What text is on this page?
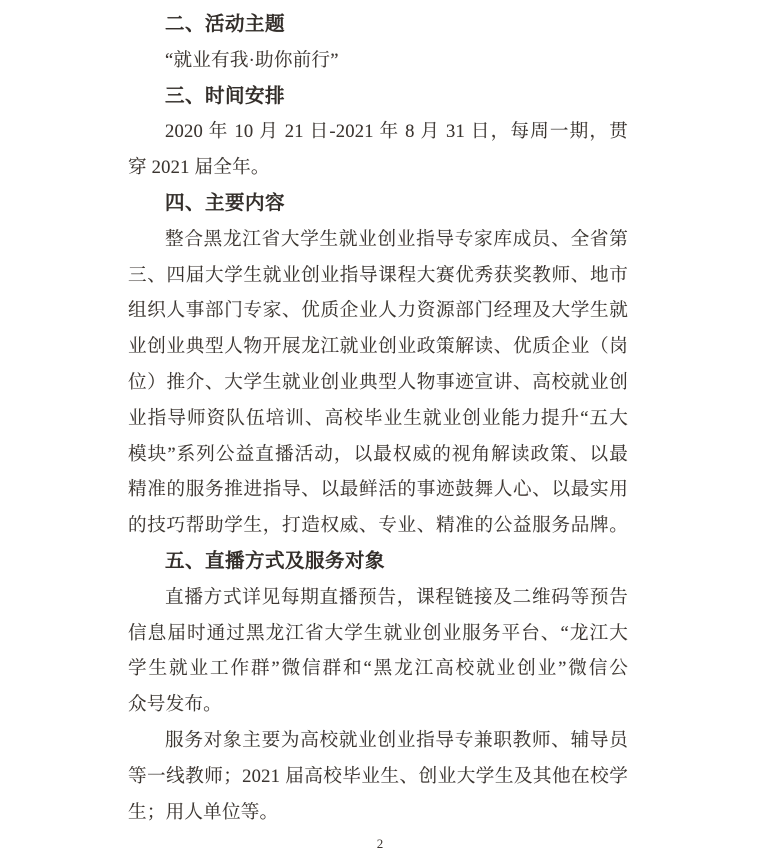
二、活动主题
“就业有我·助你前行”
三、时间安排
2020 年 10 月 21 日-2021 年 8 月 31 日，每周一期，贯
穿 2021 届全年。
四、主要内容
整合黑龙江省大学生就业创业指导专家库成员、全省第
三、四届大学生就业创业指导课程大赛优秀获奖教师、地市
组织人事部门专家、优质企业人力资源部门经理及大学生就
业创业典型人物开展龙江就业创业政策解读、优质企业（岗
位）推介、大学生就业创业典型人物事迹宣讲、高校就业创
业指导师资队伍培训、高校毕业生就业创业能力提升“五大
模块”系列公益直播活动，以最权威的视角解读政策、以最
精准的服务推进指导、以最鲜活的事迹鼓舞人心、以最实用
的技巧帮助学生，打造权威、专业、精准的公益服务品牌。
五、直播方式及服务对象
直播方式详见每期直播预告，课程链接及二维码等预告
信息届时通过黑龙江省大学生就业创业服务平台、“龙江大
学生就业工作群”微信群和“黑龙江高校就业创业”微信公
众号发布。
服务对象主要为高校就业创业指导专兼职教师、辅导员
等一线教师；2021 届高校毕业生、创业大学生及其他在校学
生；用人单位等。
2
